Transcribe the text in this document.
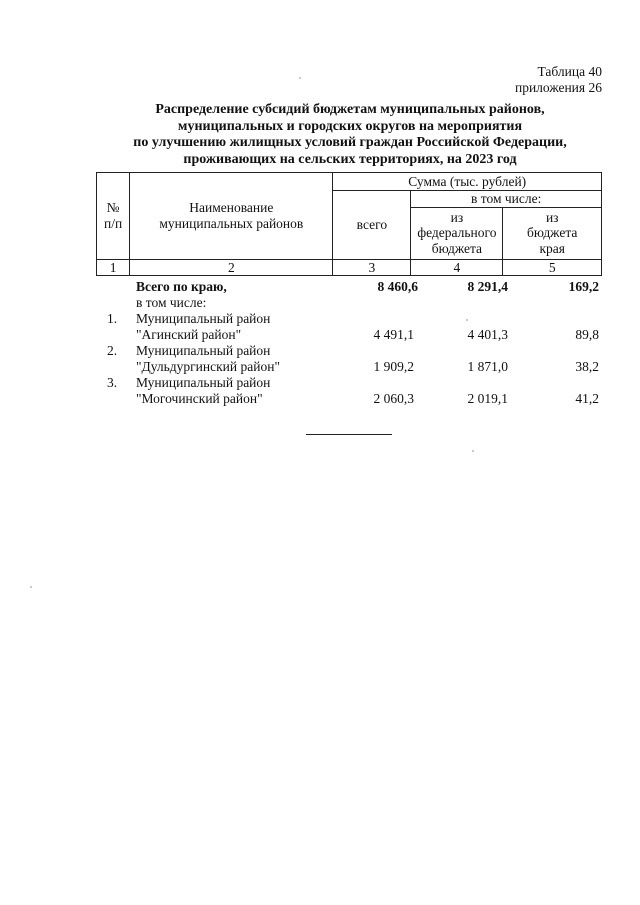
Таблица 40
приложения 26
Распределение субсидий бюджетам муниципальных районов,
муниципальных и городских округов на мероприятия
по улучшению жилищных условий граждан Российской Федерации,
проживающих на сельских территориях, на 2023 год
№ п/п	Наименование муниципальных районов	Сумма (тыс. рублей)		
		всего	в том числе:	
			из федерального бюджета	из бюджета края
1	2	3	4	5
Всего по краю,	8 460,6	8 291,4	169,2
в том числе:
1. Муниципальный район
"Агинский район"	4 491,1	4 401,3	89,8
2. Муниципальный район
"Дульдургинский район"	1 909,2	1 871,0	38,2
3. Муниципальный район
"Могочинский район"	2 060,3	2 019,1	41,2
